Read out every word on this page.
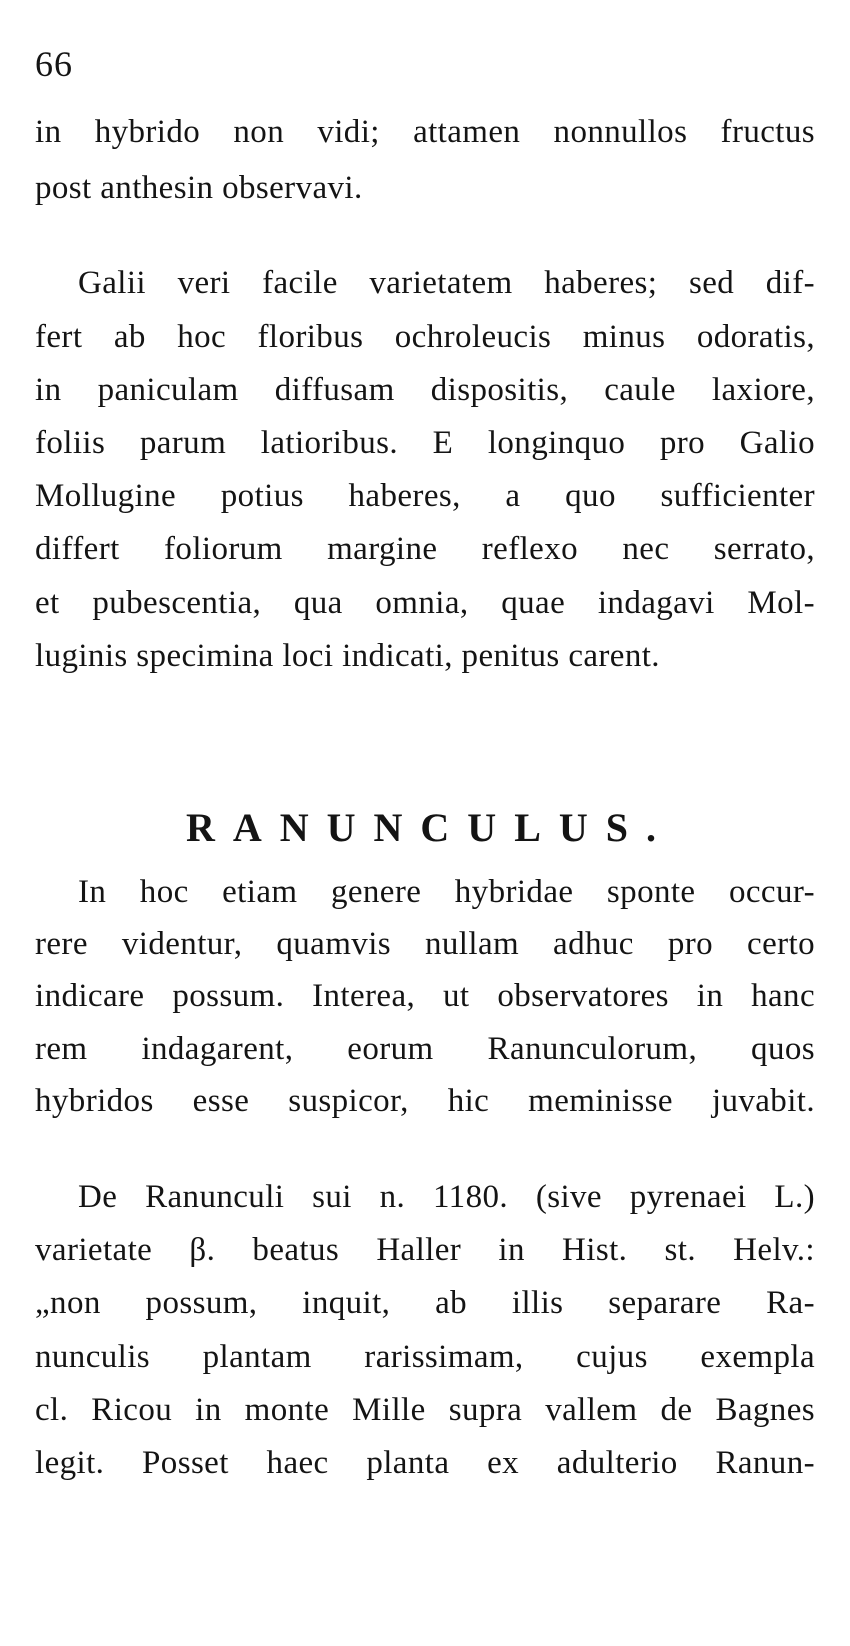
66
in hybrido non vidi; attamen nonnullos fructus
post anthesin observavi.
Galii veri facile varietatem haberes; sed dif-
fert ab hoc floribus ochroleucis minus odoratis,
in paniculam diffusam dispositis, caule laxiore,
foliis parum latioribus. E longinquo pro Galio
Mollugine potius haberes, a quo sufficienter
differt foliorum margine reflexo nec serrato,
et pubescentia, qua omnia, quae indagavi Mol-
luginis specimina loci indicati, penitus carent.
RANUNCULUS.
In hoc etiam genere hybridae sponte occur-
rere videntur, quamvis nullam adhuc pro certo
indicare possum. Interea, ut observatores in hanc
rem indagarent, eorum Ranunculorum, quos
hybridos esse suspicor, hic meminisse juvabit.
De Ranunculi sui n. 1180. (sive pyrenaei L.)
varietate β. beatus Haller in Hist. st. Helv.:
„non possum, inquit, ab illis separare Ra-
nunculis plantam rarissimam, cujus exempla
cl. Ricou in monte Mille supra vallem de Bagnes
legit. Posset haec planta ex adulterio Ranun-
